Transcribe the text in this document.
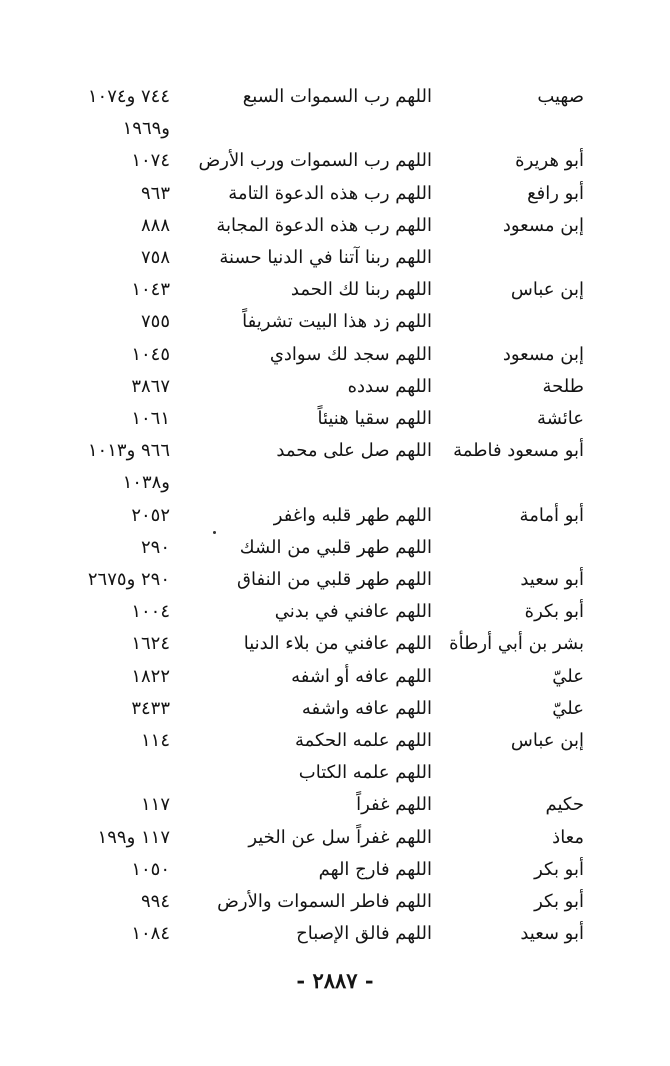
صهيب
اللهم رب السموات السبع
٧٤٤ و١٠٧٤
و١٩٦٩
أبو هريرة
اللهم رب السموات ورب الأرض
١٠٧٤
أبو رافع
اللهم رب هذه الدعوة التامة
٩٦٣
إبن مسعود
اللهم رب هذه الدعوة المجابة
٨٨٨
اللهم ربنا آتنا في الدنيا حسنة
٧٥٨
إبن عباس
اللهم ربنا لك الحمد
١٠٤٣
اللهم زد هذا البيت تشريفاً
٧٥٥
إبن مسعود
اللهم سجد لك سوادي
١٠٤٥
طلحة
اللهم سدده
٣٨٦٧
عائشة
اللهم سقيا هنيئاً
١٠٦١
أبو مسعود فاطمة
اللهم صل على محمد
٩٦٦ و١٠١٣
و١٠٣٨
أبو أمامة
اللهم طهر قلبه واغفر
٢٠٥٢
اللهم طهر قلبي من الشك
٢٩٠
أبو سعيد
اللهم طهر قلبي من النفاق
٢٩٠ و٢٦٧٥
أبو بكرة
اللهم عافني في بدني
١٠٠٤
بشر بن أبي أرطأة
اللهم عافني من بلاء الدنيا
١٦٢٤
عليّ
اللهم عافه أو اشفه
١٨٢٢
عليّ
اللهم عافه واشفه
٣٤٣٣
إبن عباس
اللهم علمه الحكمة
١١٤
اللهم علمه الكتاب
حكيم
اللهم غفراً
١١٧
معاذ
اللهم غفراً سل عن الخير
١١٧ و١٩٩
أبو بكر
اللهم فارج الهم
١٠٥٠
أبو بكر
اللهم فاطر السموات والأرض
٩٩٤
أبو سعيد
اللهم فالق الإصباح
١٠٨٤
- ٢٨٨٧ -
